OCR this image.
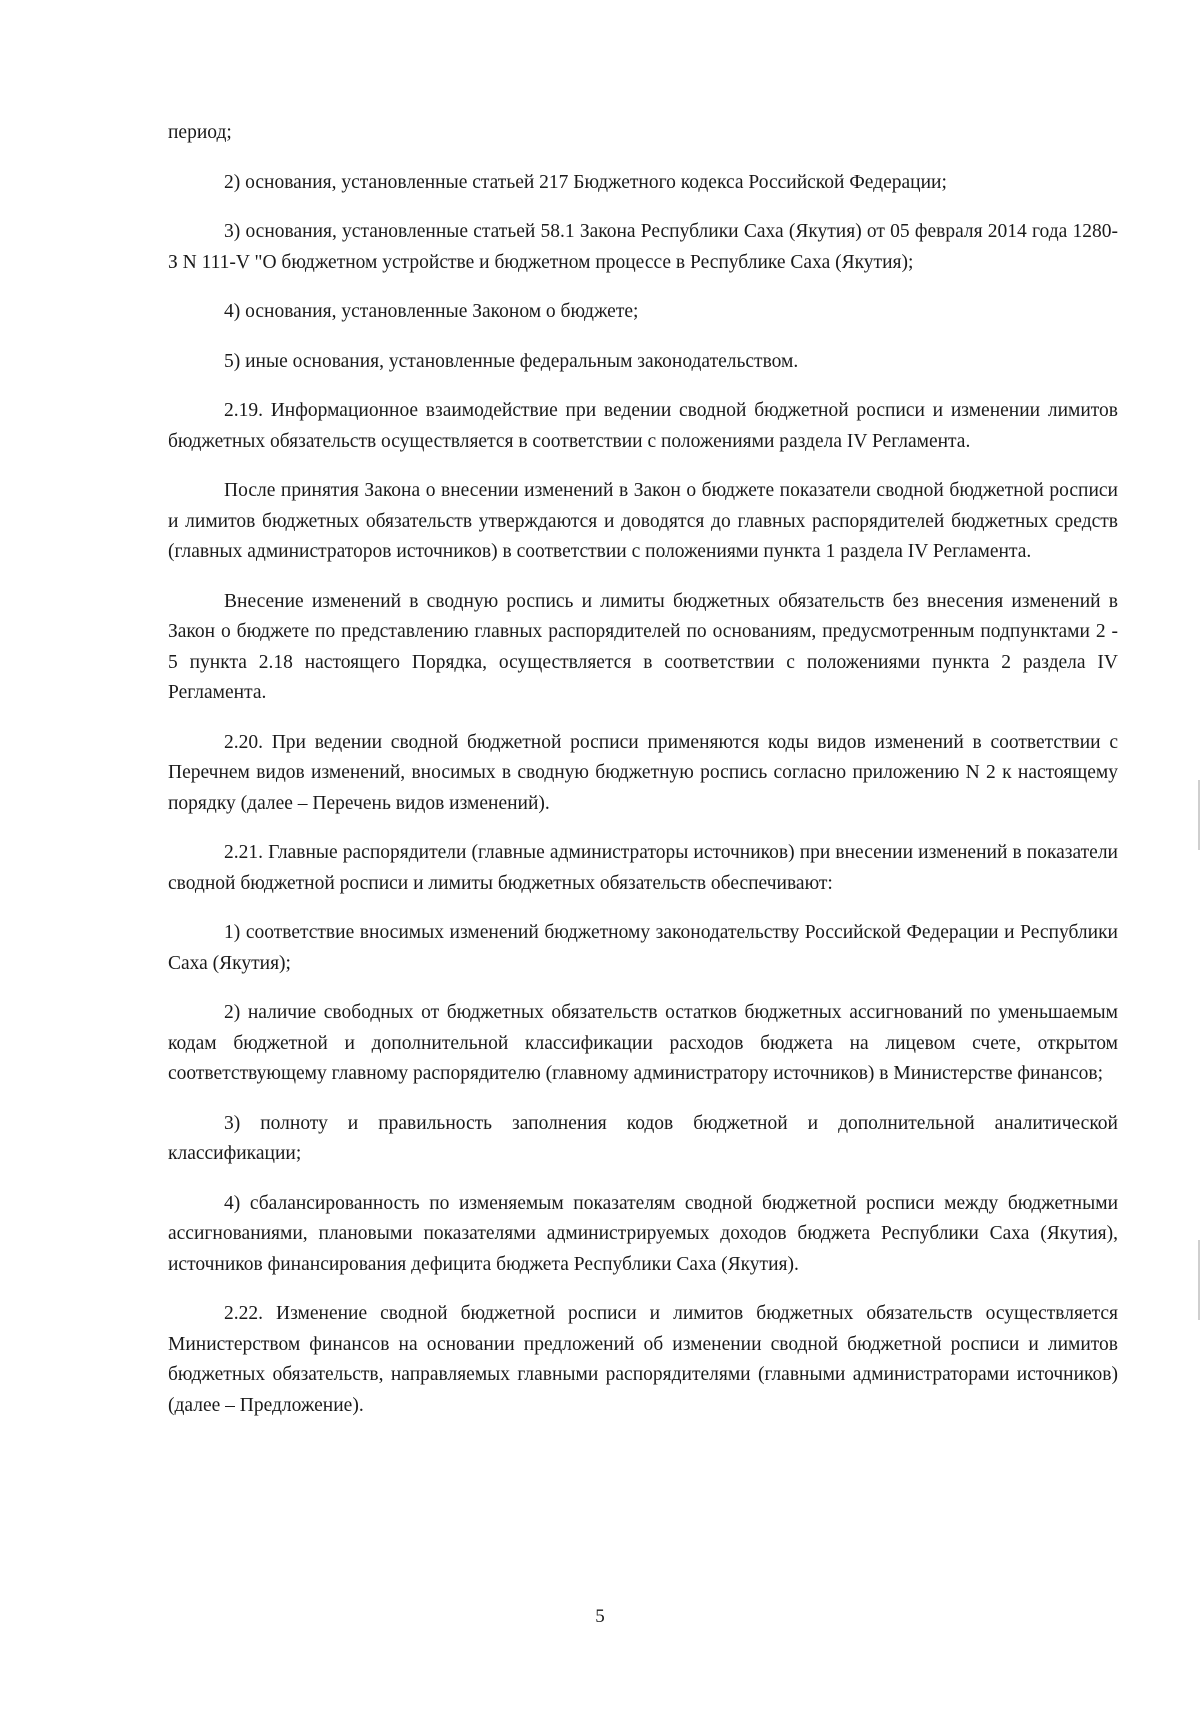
период;

2) основания, установленные статьей 217 Бюджетного кодекса Российской Федерации;

3) основания, установленные статьей 58.1 Закона Республики Саха (Якутия) от 05 февраля 2014 года 1280-З N 111-V "О бюджетном устройстве и бюджетном процессе в Республике Саха (Якутия);

4) основания, установленные Законом о бюджете;

5) иные основания, установленные федеральным законодательством.

2.19. Информационное взаимодействие при ведении сводной бюджетной росписи и изменении лимитов бюджетных обязательств осуществляется в соответствии с положениями раздела IV Регламента.

После принятия Закона о внесении изменений в Закон о бюджете показатели сводной бюджетной росписи и лимитов бюджетных обязательств утверждаются и доводятся до главных распорядителей бюджетных средств (главных администраторов источников) в соответствии с положениями пункта 1 раздела IV Регламента.

Внесение изменений в сводную роспись и лимиты бюджетных обязательств без внесения изменений в Закон о бюджете по представлению главных распорядителей по основаниям, предусмотренным подпунктами 2 - 5 пункта 2.18 настоящего Порядка, осуществляется в соответствии с положениями пункта 2 раздела IV Регламента.

2.20. При ведении сводной бюджетной росписи применяются коды видов изменений в соответствии с Перечнем видов изменений, вносимых в сводную бюджетную роспись согласно приложению N 2 к настоящему порядку (далее – Перечень видов изменений).

2.21. Главные распорядители (главные администраторы источников) при внесении изменений в показатели сводной бюджетной росписи и лимиты бюджетных обязательств обеспечивают:

1) соответствие вносимых изменений бюджетному законодательству Российской Федерации и Республики Саха (Якутия);

2) наличие свободных от бюджетных обязательств остатков бюджетных ассигнований по уменьшаемым кодам бюджетной и дополнительной классификации расходов бюджета на лицевом счете, открытом соответствующему главному распорядителю (главному администратору источников) в Министерстве финансов;

3) полноту и правильность заполнения кодов бюджетной и дополнительной аналитической классификации;

4) сбалансированность по изменяемым показателям сводной бюджетной росписи между бюджетными ассигнованиями, плановыми показателями администрируемых доходов бюджета Республики Саха (Якутия), источников финансирования дефицита бюджета Республики Саха (Якутия).

2.22. Изменение сводной бюджетной росписи и лимитов бюджетных обязательств осуществляется Министерством финансов на основании предложений об изменении сводной бюджетной росписи и лимитов бюджетных обязательств, направляемых главными распорядителями (главными администраторами источников) (далее – Предложение).

5
